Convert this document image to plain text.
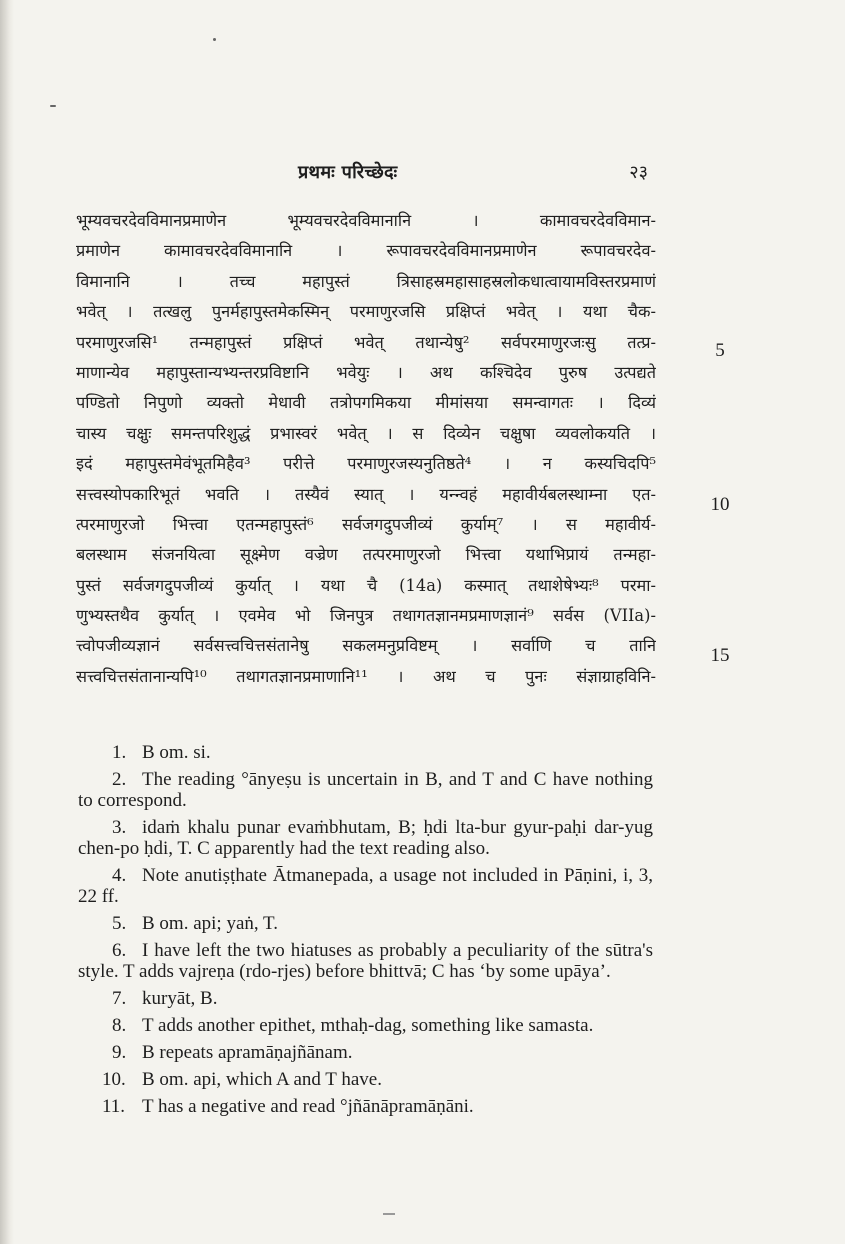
प्रथमः परिच्छेदः	२३
भूम्यवचरदेवविमानप्रमाणेन भूम्यवचरदेवविमानानि । कामावचरदेवविमान-
प्रमाणेन कामावचरदेवविमानानि । रूपावचरदेवविमानप्रमाणेन रूपावचरदेव-
विमानानि । तच्च महापुस्तं त्रिसाहस्रमहासाहस्रलोकधात्वायामविस्तरप्रमाणं
भवेत् । तत्खलु पुनर्महापुस्तमेकस्मिन् परमाणुरजसि प्रक्षिप्तं भवेत् । यथा चैक-
परमाणुरजसि¹ तन्महापुस्तं प्रक्षिप्तं भवेत् तथान्येषु² सर्वपरमाणुरजःसु तत्प्र-
माणान्येव महापुस्तान्यभ्यन्तरप्रविष्टानि भवेयुः । अथ कश्चिदेव पुरुष उत्पद्यते
पण्डितो निपुणो व्यक्तो मेधावी तत्रोपगमिकया मीमांसया समन्वागतः । दिव्यं
चास्य चक्षुः समन्तपरिशुद्धं प्रभास्वरं भवेत् । स दिव्येन चक्षुषा व्यवलोकयति ।
इदं महापुस्तमेवंभूतमिहैव³ परीत्ते परमाणुरजस्यनुतिष्ठते⁴ । न कस्यचिदपि⁵
सत्त्वस्योपकारिभूतं भवति । तस्यैवं स्यात् । यन्न्वहं महावीर्यबलस्थाम्ना एत-
त्परमाणुरजो भित्त्वा एतन्महापुस्तं⁶ सर्वजगदुपजीव्यं कुर्याम्⁷ । स महावीर्य-
बलस्थाम संजनयित्वा सूक्ष्मेण वज्रेण तत्परमाणुरजो भित्त्वा यथाभिप्रायं तन्महा-
पुस्तं सर्वजगदुपजीव्यं कुर्यात् । यथा चै (14a) कस्मात् तथाशेषेभ्यः⁸ परमा-
णुभ्यस्तथैव कुर्यात् । एवमेव भो जिनपुत्र तथागतज्ञानमप्रमाणज्ञानं⁹ सर्वस (VIIa)-
त्त्वोपजीव्यज्ञानं सर्वसत्त्वचित्तसंतानेषु सकलमनुप्रविष्टम् । सर्वाणि च तानि
सत्त्वचित्तसंतानान्यपि¹⁰ तथागतज्ञानप्रमाणानि¹¹ । अथ च पुनः संज्ञाग्राहविनि-
5
10
15

1. B om. si.

2. The reading °ānyeṣu is uncertain in B, and T and C have nothing to correspond.

3. idaṁ khalu punar evaṁbhutam, B; ḥdi lta-bur gyur-paḥi dar-yug chen-po ḥdi, T. C apparently had the text reading also.

4. Note anutiṣṭhate Ātmanepada, a usage not included in Pāṇini, i, 3, 22 ff.

5. B om. api; yaṅ, T.

6. I have left the two hiatuses as probably a peculiarity of the sūtra's style. T adds vajreṇa (rdo-rjes) before bhittvā; C has ‘by some upāya’.

7. kuryāt, B.

8. T adds another epithet, mthaḥ-dag, something like samasta.

9. B repeats apramāṇajñānam.

10. B om. api, which A and T have.

11. T has a negative and read °jñānāpramāṇāni.
